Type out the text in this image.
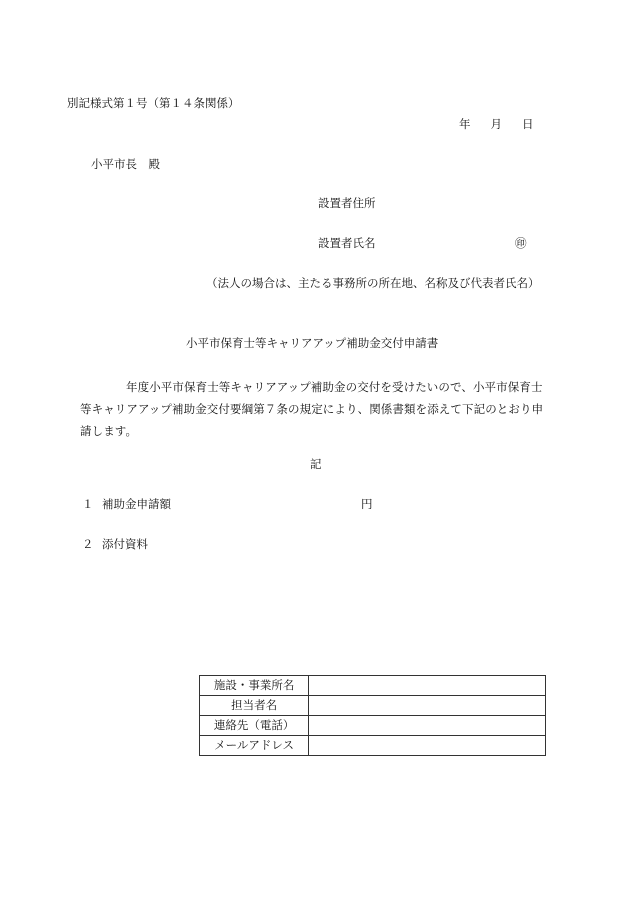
別記様式第１号（第１４条関係）
年 月 日
小平市長　殿
設置者住所
設置者氏名	㊞
（法人の場合は、主たる事務所の所在地、名称及び代表者氏名）
小平市保育士等キャリアアップ補助金交付申請書
年度小平市保育士等キャリアアップ補助金の交付を受けたいので、小平市保育士等キャリアアップ補助金交付要綱第７条の規定により、関係書類を添えて下記のとおり申請します。
記
１ 補助金申請額	円
２ 添付資料
施設・事業所名	
担当者名	
連絡先（電話）	
メールアドレス	
